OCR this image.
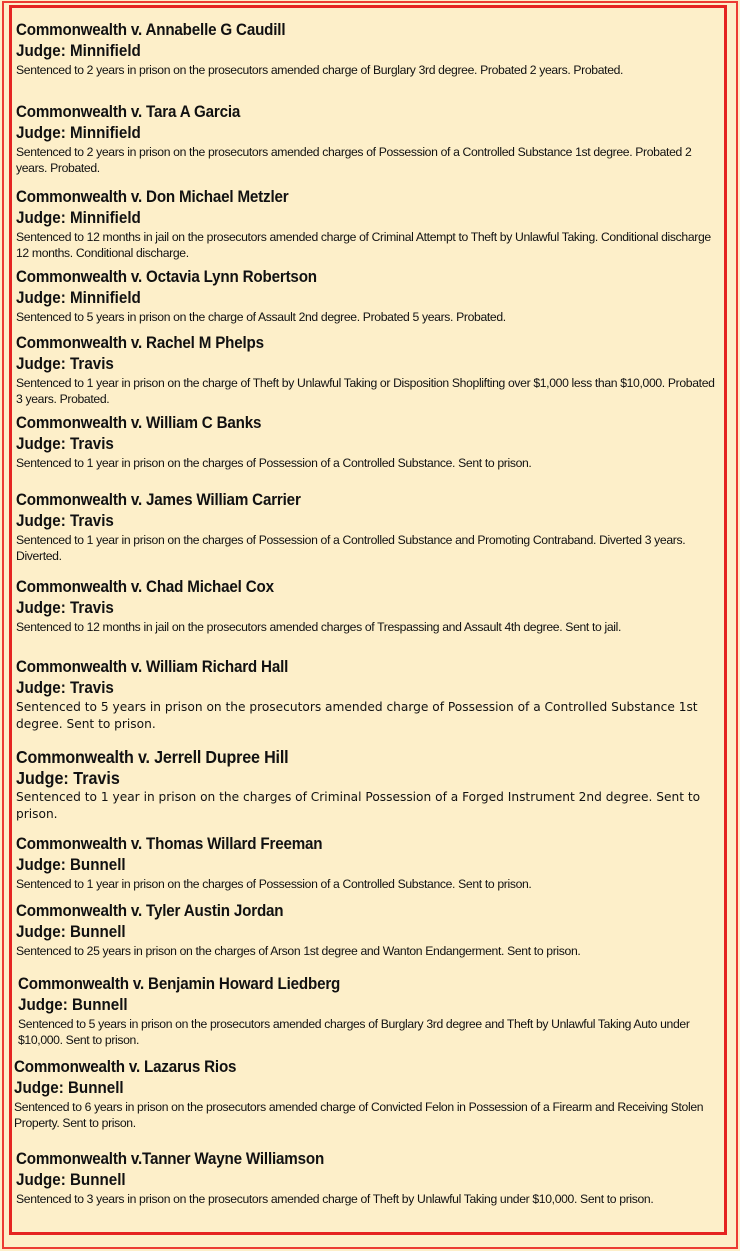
Commonwealth v. Annabelle G Caudill
Judge: Minnifield
Sentenced to 2 years in prison on the prosecutors amended charge of Burglary 3rd degree. Probated 2 years. Probated.
Commonwealth v. Tara A Garcia
Judge: Minnifield
Sentenced to 2 years in prison on the prosecutors amended charges of Possession of a Controlled Substance 1st degree. Probated 2 years. Probated.
Commonwealth v. Don Michael Metzler
Judge: Minnifield
Sentenced to 12 months in jail on the prosecutors amended charge of Criminal Attempt to Theft by Unlawful Taking. Conditional discharge 12 months. Conditional discharge.
Commonwealth v. Octavia Lynn Robertson
Judge: Minnifield
Sentenced to 5 years in prison on the charge of Assault 2nd degree. Probated 5 years. Probated.
Commonwealth v. Rachel M Phelps
Judge: Travis
Sentenced to 1 year in prison on the charge of Theft by Unlawful Taking or Disposition Shoplifting over $1,000 less than $10,000. Probated 3 years. Probated.
Commonwealth v. William C Banks
Judge: Travis
Sentenced to 1 year in prison on the charges of Possession of a Controlled Substance. Sent to prison.
Commonwealth v. James William Carrier
Judge: Travis
Sentenced to 1 year in prison on the charges of Possession of a Controlled Substance and Promoting Contraband. Diverted 3 years. Diverted.
Commonwealth v. Chad Michael Cox
Judge: Travis
Sentenced to 12 months in jail on the prosecutors amended charges of Trespassing and Assault 4th degree. Sent to jail.
Commonwealth v. William Richard Hall
Judge: Travis
Sentenced to 5 years in prison on the prosecutors amended charge of Possession of a Controlled Substance 1st degree. Sent to prison.
Commonwealth v. Jerrell Dupree Hill
Judge: Travis
Sentenced to 1 year in prison on the charges of Criminal Possession of a Forged Instrument 2nd degree. Sent to prison.
Commonwealth v. Thomas Willard Freeman
Judge: Bunnell
Sentenced to 1 year in prison on the charges of Possession of a Controlled Substance. Sent to prison.
Commonwealth v. Tyler Austin Jordan
Judge: Bunnell
Sentenced to 25 years in prison on the charges of Arson 1st degree and Wanton Endangerment. Sent to prison.
Commonwealth v. Benjamin Howard Liedberg
Judge: Bunnell
Sentenced to 5 years in prison on the prosecutors amended charges of Burglary 3rd degree and Theft by Unlawful Taking Auto under $10,000. Sent to prison.
Commonwealth v. Lazarus Rios
Judge: Bunnell
Sentenced to 6 years in prison on the prosecutors amended charge of Convicted Felon in Possession of a Firearm and Receiving Stolen Property. Sent to prison.
Commonwealth v.Tanner Wayne Williamson
Judge: Bunnell
Sentenced to 3 years in prison on the prosecutors amended charge of Theft by Unlawful Taking under $10,000. Sent to prison.
